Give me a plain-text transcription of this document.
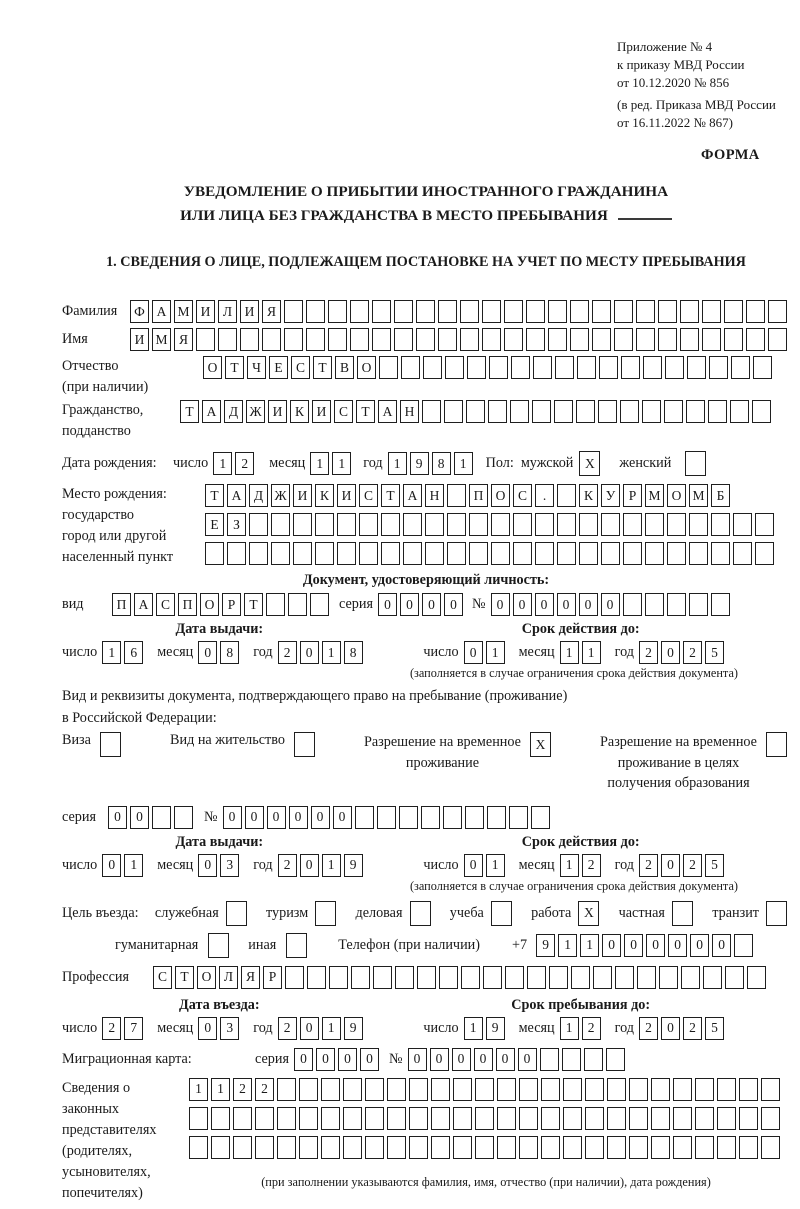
Приложение № 4
к приказу МВД России
от 10.12.2020 № 856
(в ред. Приказа МВД России
от 16.11.2022 № 867)
ФОРМА
УВЕДОМЛЕНИЕ О ПРИБЫТИИ ИНОСТРАННОГО ГРАЖДАНИНА
ИЛИ ЛИЦА БЕЗ ГРАЖДАНСТВА В МЕСТО ПРЕБЫВАНИЯ
1. СВЕДЕНИЯ О ЛИЦЕ, ПОДЛЕЖАЩЕМ ПОСТАНОВКЕ НА УЧЕТ ПО МЕСТУ ПРЕБЫВАНИЯ
Фамилия	Ф А М И Л И Я
Имя	И М Я
Отчество
(при наличии)
О Т Ч Е С Т В О
Гражданство,
подданство
Т А Д Ж И К И С Т А Н
Дата рождения:	число 1	2	месяц 1	1	год 1	9	8	1	Пол: мужской X	женский
Место рождения:
государство
город или другой
населенный пункт
Т А Д Ж И К И С Т А Н	П О С	.	К У Р М О М Б
Е	З
Документ, удостоверяющий личность:
вид	П А С П О Р	Т	серия 0	0	0	0	№ 0	0	0	0	0	0
Дата выдачи:
число 1	6	месяц 0	8	год 2	0	1	8
Срок действия до:
число 0	1	месяц 1	1	год 2	0	2	5
(заполняется в случае ограничения срока действия документа)
Вид и реквизиты документа, подтверждающего право на пребывание (проживание)
в Российской Федерации:
Виза	Вид на жительство	Разрешение на временное
проживание
X	Разрешение на временное
проживание в целях
получения образования
серия	0	0	№ 0	0	0	0	0	0
Дата выдачи:
число 0	1	месяц 0	3	год 2	0	1	9
Срок действия до:
число 0	1	месяц 1	2	год 2	0	2	5
(заполняется в случае ограничения срока действия документа)
Цель въезда: служебная	туризм	деловая	учеба	работа X	частная	транзит
гуманитарная	иная	Телефон (при наличии) +7	9	1	1	0	0	0	0	0	0
Профессия	С Т О Л Я	Р
Дата въезда:
число 2	7	месяц 0	3	год 2	0	1	9
Срок пребывания до:
число 1	9	месяц 1	2	год 2	0	2	5
Миграционная карта:	серия 0	0	0	0	№ 0	0	0	0	0	0
Сведения о
законных
представителях
(родителях,
усыновителях,
попечителях)
1	1	2	2
(при заполнении указываются фамилия, имя, отчество (при наличии), дата рождения)
